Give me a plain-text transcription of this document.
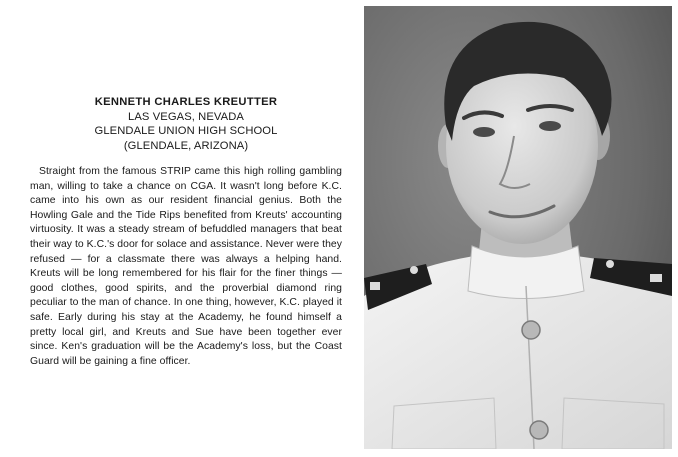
KENNETH CHARLES KREUTTER
LAS VEGAS, NEVADA
GLENDALE UNION HIGH SCHOOL
(GLENDALE, ARIZONA)

Straight from the famous STRIP came this high rolling gambling man, willing to take a chance on CGA. It wasn't long before K.C. came into his own as our resident financial genius. Both the Howling Gale and the Tide Rips benefited from Kreuts' accounting virtuosity. It was a steady stream of befuddled managers that beat their way to K.C.'s door for solace and assistance. Never were they refused — for a classmate there was always a helping hand. Kreuts will be long remembered for his flair for the finer things — good clothes, good spirits, and the proverbial diamond ring peculiar to the man of chance. In one thing, however, K.C. played it safe. Early during his stay at the Academy, he found himself a pretty local girl, and Kreuts and Sue have been together ever since. Ken's graduation will be the Academy's loss, but the Coast Guard will be gaining a fine officer.
